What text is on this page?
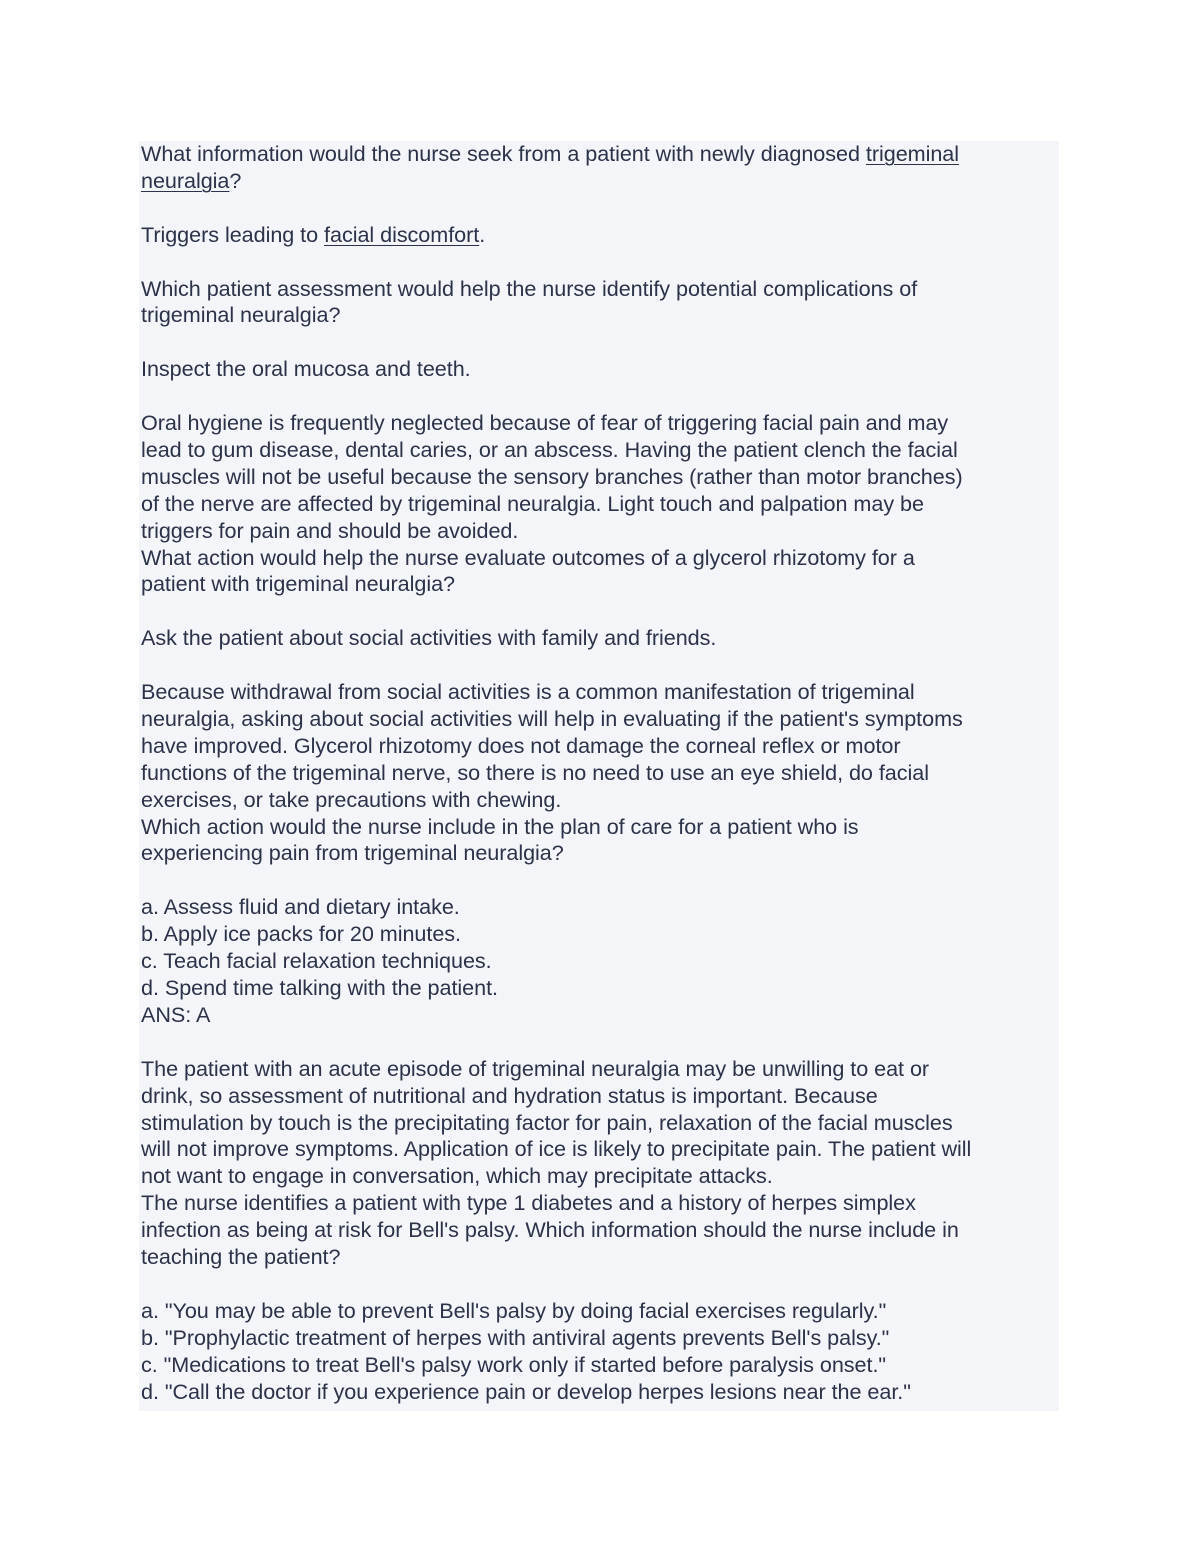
What information would the nurse seek from a patient with newly diagnosed trigeminal
neuralgia?

Triggers leading to facial discomfort.

Which patient assessment would help the nurse identify potential complications of
trigeminal neuralgia?

Inspect the oral mucosa and teeth.

Oral hygiene is frequently neglected because of fear of triggering facial pain and may
lead to gum disease, dental caries, or an abscess. Having the patient clench the facial
muscles will not be useful because the sensory branches (rather than motor branches)
of the nerve are affected by trigeminal neuralgia. Light touch and palpation may be
triggers for pain and should be avoided.

What action would help the nurse evaluate outcomes of a glycerol rhizotomy for a
patient with trigeminal neuralgia?

Ask the patient about social activities with family and friends.

Because withdrawal from social activities is a common manifestation of trigeminal
neuralgia, asking about social activities will help in evaluating if the patient's symptoms
have improved. Glycerol rhizotomy does not damage the corneal reflex or motor
functions of the trigeminal nerve, so there is no need to use an eye shield, do facial
exercises, or take precautions with chewing.

Which action would the nurse include in the plan of care for a patient who is
experiencing pain from trigeminal neuralgia?

a. Assess fluid and dietary intake.
b. Apply ice packs for 20 minutes.
c. Teach facial relaxation techniques.
d. Spend time talking with the patient.
ANS: A

The patient with an acute episode of trigeminal neuralgia may be unwilling to eat or
drink, so assessment of nutritional and hydration status is important. Because
stimulation by touch is the precipitating factor for pain, relaxation of the facial muscles
will not improve symptoms. Application of ice is likely to precipitate pain. The patient will
not want to engage in conversation, which may precipitate attacks.

The nurse identifies a patient with type 1 diabetes and a history of herpes simplex
infection as being at risk for Bell's palsy. Which information should the nurse include in
teaching the patient?

a. "You may be able to prevent Bell's palsy by doing facial exercises regularly."
b. "Prophylactic treatment of herpes with antiviral agents prevents Bell's palsy."
c. "Medications to treat Bell's palsy work only if started before paralysis onset."
d. "Call the doctor if you experience pain or develop herpes lesions near the ear."
